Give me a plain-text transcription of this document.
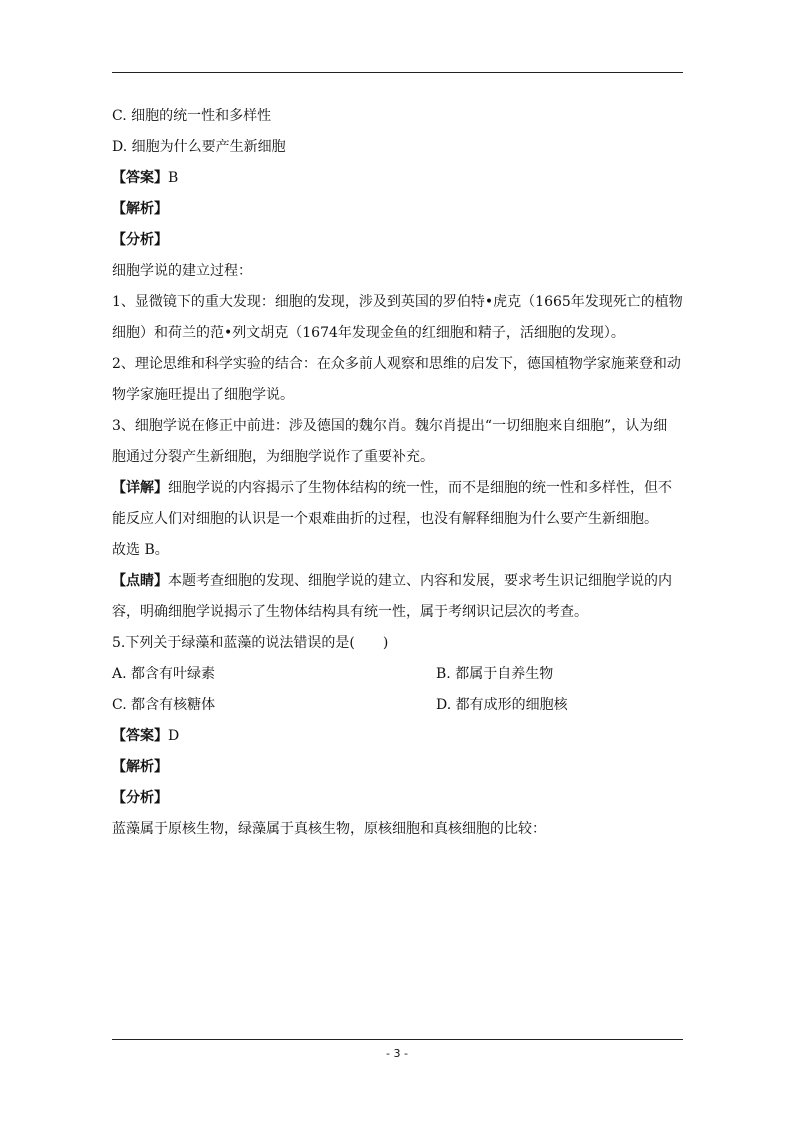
C. 细胞的统一性和多样性
D. 细胞为什么要产生新细胞
【答案】B
【解析】
【分析】
细胞学说的建立过程：
1、显微镜下的重大发现：细胞的发现，涉及到英国的罗伯特•虎克（1665年发现死亡的植物
细胞）和荷兰的范•列文胡克（1674年发现金鱼的红细胞和精子，活细胞的发现）。
2、理论思维和科学实验的结合：在众多前人观察和思维的启发下，德国植物学家施莱登和动
物学家施旺提出了细胞学说。
3、细胞学说在修正中前进：涉及德国的魏尔肖。魏尔肖提出“一切细胞来自细胞”，认为细
胞通过分裂产生新细胞，为细胞学说作了重要补充。
【详解】细胞学说的内容揭示了生物体结构的统一性，而不是细胞的统一性和多样性，但不
能反应人们对细胞的认识是一个艰难曲折的过程，也没有解释细胞为什么要产生新细胞。
故选 B。
【点睛】本题考查细胞的发现、细胞学说的建立、内容和发展，要求考生识记细胞学说的内
容，明确细胞学说揭示了生物体结构具有统一性，属于考纲识记层次的考查。
5.下列关于绿藻和蓝藻的说法错误的是(　　)
A. 都含有叶绿素	B. 都属于自养生物
C. 都含有核糖体	D. 都有成形的细胞核
【答案】D
【解析】
【分析】
蓝藻属于原核生物，绿藻属于真核生物，原核细胞和真核细胞的比较：
- 3 -
